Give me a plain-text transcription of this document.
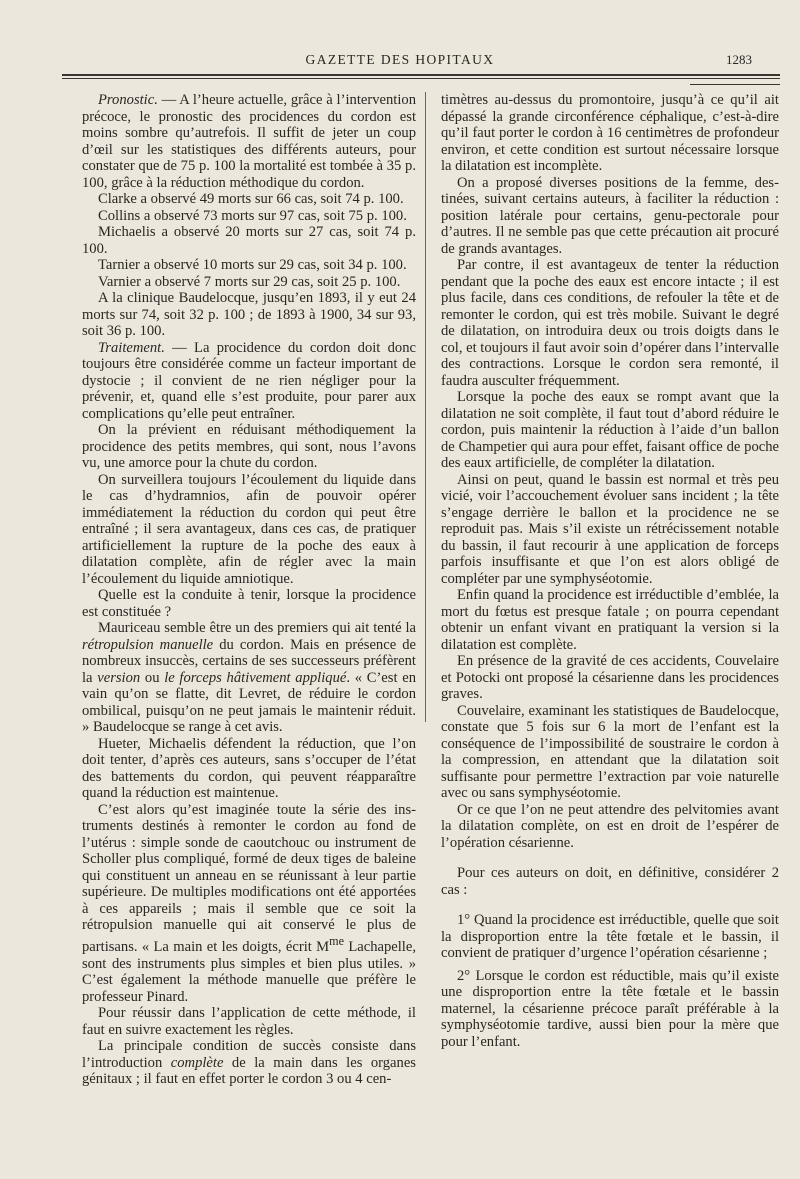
GAZETTE DES HOPITAUX	1283

Pronostic. — A l’heure actuelle, grâce à l’intervention précoce, le pronostic des procidences du cordon est moins sombre qu’autrefois. Il suffit de jeter un coup d’œil sur les statistiques des différents auteurs, pour constater que de 75 p. 100 la mortalité est tombée à 35 p. 100, grâce à la réduction méthodique du cordon.

Clarke a observé 49 morts sur 66 cas, soit 74 p. 100.

Collins a observé 73 morts sur 97 cas, soit 75 p. 100.

Michaelis a observé 20 morts sur 27 cas, soit 74 p. 100.

Tarnier a observé 10 morts sur 29 cas, soit 34 p. 100.

Varnier a observé 7 morts sur 29 cas, soit 25 p. 100.

A la clinique Baudelocque, jusqu’en 1893, il y eut 24 morts sur 74, soit 32 p. 100 ; de 1893 à 1900, 34 sur 93, soit 36 p. 100.

Traitement. — La procidence du cordon doit donc toujours être considérée comme un facteur important de dystocie ; il convient de ne rien négliger pour la prévenir, et, quand elle s’est produite, pour parer aux complications qu’elle peut entraîner.

On la prévient en réduisant méthodiquement la procidence des petits membres, qui sont, nous l’avons vu, une amorce pour la chute du cordon.

On surveillera toujours l’écoulement du liquide dans le cas d’hydramnios, afin de pouvoir opérer immédiatement la réduction du cordon qui peut être entraîné ; il sera avantageux, dans ces cas, de pratiquer artificiellement la rupture de la poche des eaux à dilatation complète, afin de régler avec la main l’écoulement du liquide amniotique.

Quelle est la conduite à tenir, lorsque la procidence est constituée ?

Mauriceau semble être un des premiers qui ait tenté la rétropulsion manuelle du cordon. Mais en présence de nombreux insuccès, certains de ses successeurs préfèrent la version ou le forceps hâtivement appliqué. « C’est en vain qu’on se flatte, dit Levret, de réduire le cordon ombilical, puisqu’on ne peut jamais le maintenir réduit. » Baudelocque se range à cet avis.

Hueter, Michaelis défendent la réduction, que l’on doit tenter, d’après ces auteurs, sans s’occuper de l’état des battements du cordon, qui peuvent réapparaître quand la réduction est maintenue.

C’est alors qu’est imaginée toute la série des instruments destinés à remonter le cordon au fond de l’utérus : simple sonde de caoutchouc ou instrument de Scholler plus compliqué, formé de deux tiges de baleine qui constituent un anneau en se réunissant à leur partie supérieure. De multiples modifications ont été apportées à ces appareils ; mais il semble que ce soit la rétropulsion manuelle qui ait conservé le plus de partisans. « La main et les doigts, écrit $M^{me}$ Lachapelle, sont des instruments plus simples et bien plus utiles. » C’est également la méthode manuelle que préfère le professeur Pinard.

Pour réussir dans l’application de cette méthode, il faut en suivre exactement les règles.

La principale condition de succès consiste dans l’introduction complète de la main dans les organes génitaux ; il faut en effet porter le cordon 3 ou 4 cen-

timètres au-dessus du promontoire, jusqu’à ce qu’il ait dépassé la grande circonférence céphalique, c’est-à-dire qu’il faut porter le cordon à 16 centimètres de profondeur environ, et cette condition est surtout nécessaire lorsque la dilatation est incomplète.

On a proposé diverses positions de la femme, destinées, suivant certains auteurs, à faciliter la réduction : position latérale pour certains, genu-pectorale pour d’autres. Il ne semble pas que cette précaution ait procuré de grands avantages.

Par contre, il est avantageux de tenter la réduction pendant que la poche des eaux est encore intacte ; il est plus facile, dans ces conditions, de refouler la tête et de remonter le cordon, qui est très mobile. Suivant le degré de dilatation, on introduira deux ou trois doigts dans le col, et toujours il faut avoir soin d’opérer dans l’intervalle des contractions. Lorsque le cordon sera remonté, il faudra ausculter fréquemment.

Lorsque la poche des eaux se rompt avant que la dilatation ne soit complète, il faut tout d’abord réduire le cordon, puis maintenir la réduction à l’aide d’un ballon de Champetier qui aura pour effet, faisant office de poche des eaux artificielle, de compléter la dilatation.

Ainsi on peut, quand le bassin est normal et très peu vicié, voir l’accouchement évoluer sans incident ; la tête s’engage derrière le ballon et la procidence ne se reproduit pas. Mais s’il existe un rétrécissement notable du bassin, il faut recourir à une application de forceps parfois insuffisante et que l’on est alors obligé de compléter par une symphyséotomie.

Enfin quand la procidence est irréductible d’emblée, la mort du fœtus est presque fatale ; on pourra cependant obtenir un enfant vivant en pratiquant la version si la dilatation est complète.

En présence de la gravité de ces accidents, Couvelaire et Potocki ont proposé la césarienne dans les procidences graves.

Couvelaire, examinant les statistiques de Baudelocque, constate que 5 fois sur 6 la mort de l’enfant est la conséquence de l’impossibilité de soustraire le cordon à la compression, en attendant que la dilatation soit suffisante pour permettre l’extraction par voie naturelle avec ou sans symphyséotomie.

Or ce que l’on ne peut attendre des pelvitomies avant la dilatation complète, on est en droit de l’espérer de l’opération césarienne.

Pour ces auteurs on doit, en définitive, considérer 2 cas :

1° Quand la procidence est irréductible, quelle que soit la disproportion entre la tête fœtale et le bassin, il convient de pratiquer d’urgence l’opération césarienne ;

2° Lorsque le cordon est réductible, mais qu’il existe une disproportion entre la tête fœtale et le bassin maternel, la césarienne précoce paraît préférable à la symphyséotomie tardive, aussi bien pour la mère que pour l’enfant.
